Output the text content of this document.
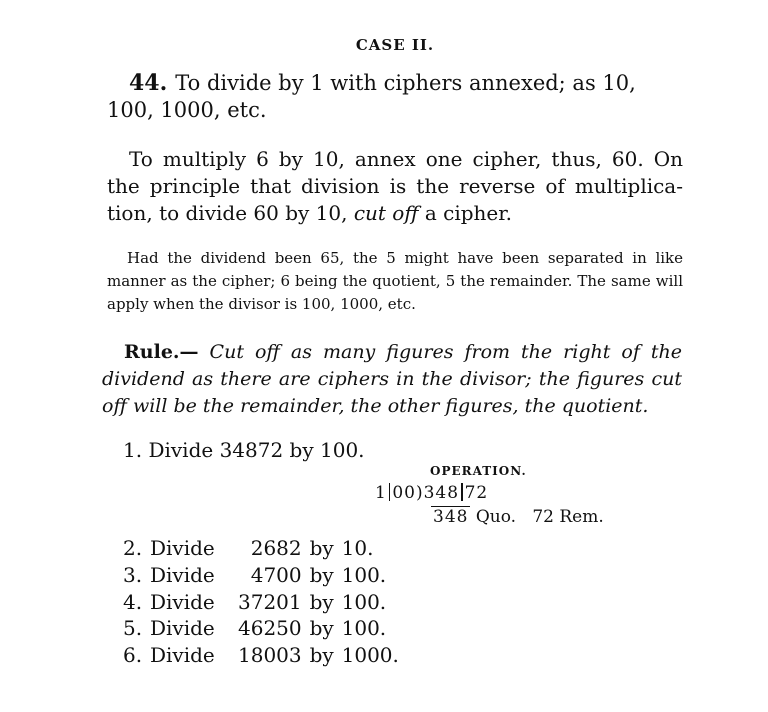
CASE II.
44. To divide by 1 with ciphers annexed; as 10, 100, 1000, etc.
To multiply 6 by 10, annex one cipher, thus, 60. On the principle that division is the reverse of multiplica-tion, to divide 60 by 10, cut off a cipher.
Had the dividend been 65, the 5 might have been separated in like manner as the cipher; 6 being the quotient, 5 the remainder. The same will apply when the divisor is 100, 1000, etc.
Rule.— Cut off as many figures from the right of the dividend as there are ciphers in the divisor; the figures cut off will be the remainder, the other figures, the quotient.
1. Divide 34872 by 100.
OPERATION.
1 00)348 72
348 Quo. 72 Rem.
2.	Divide	2682	by	10.
3.	Divide	4700	by	100.
4.	Divide	37201	by	100.
5.	Divide	46250	by	100.
6.	Divide	18003	by	1000.
